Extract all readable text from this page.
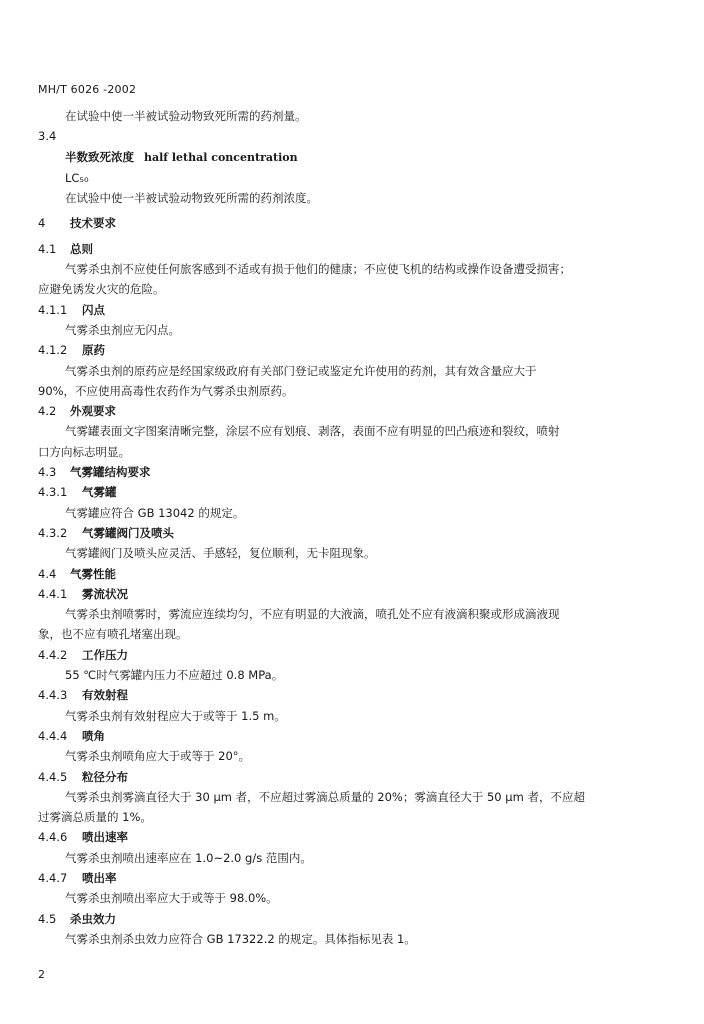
MH/T 6026 -2002
在试验中使一半被试验动物致死所需的药剂量。
3.4
半数致死浓度 half lethal concentration
LC₅₀
在试验中使一半被试验动物致死所需的药剂浓度。
4 技术要求
4.1 总则
气雾杀虫剂不应使任何旅客感到不适或有损于他们的健康；不应使飞机的结构或操作设备遭受损害；
应避免诱发火灾的危险。
4.1.1 闪点
气雾杀虫剂应无闪点。
4.1.2 原药
气雾杀虫剂的原药应是经国家级政府有关部门登记或鉴定允许使用的药剂，其有效含量应大于
90%，不应使用高毒性农药作为气雾杀虫剂原药。
4.2 外观要求
气雾罐表面文字图案清晰完整，涂层不应有划痕、剥落，表面不应有明显的凹凸痕迹和裂纹，喷射
口方向标志明显。
4.3 气雾罐结构要求
4.3.1 气雾罐
气雾罐应符合 GB 13042 的规定。
4.3.2 气雾罐阀门及喷头
气雾罐阀门及喷头应灵活、手感轻，复位顺利，无卡阻现象。
4.4 气雾性能
4.4.1 雾流状况
气雾杀虫剂喷雾时，雾流应连续均匀，不应有明显的大液滴，喷孔处不应有液滴积聚或形成滴液现
象，也不应有喷孔堵塞出现。
4.4.2 工作压力
55 ℃时气雾罐内压力不应超过 0.8 MPa。
4.4.3 有效射程
气雾杀虫剂有效射程应大于或等于 1.5 m。
4.4.4 喷角
气雾杀虫剂喷角应大于或等于 20°。
4.4.5 粒径分布
气雾杀虫剂雾滴直径大于 30 μm 者，不应超过雾滴总质量的 20%；雾滴直径大于 50 μm 者，不应超
过雾滴总质量的 1%。
4.4.6 喷出速率
气雾杀虫剂喷出速率应在 1.0~2.0 g/s 范围内。
4.4.7 喷出率
气雾杀虫剂喷出率应大于或等于 98.0%。
4.5 杀虫效力
气雾杀虫剂杀虫效力应符合 GB 17322.2 的规定。具体指标见表 1。
2
